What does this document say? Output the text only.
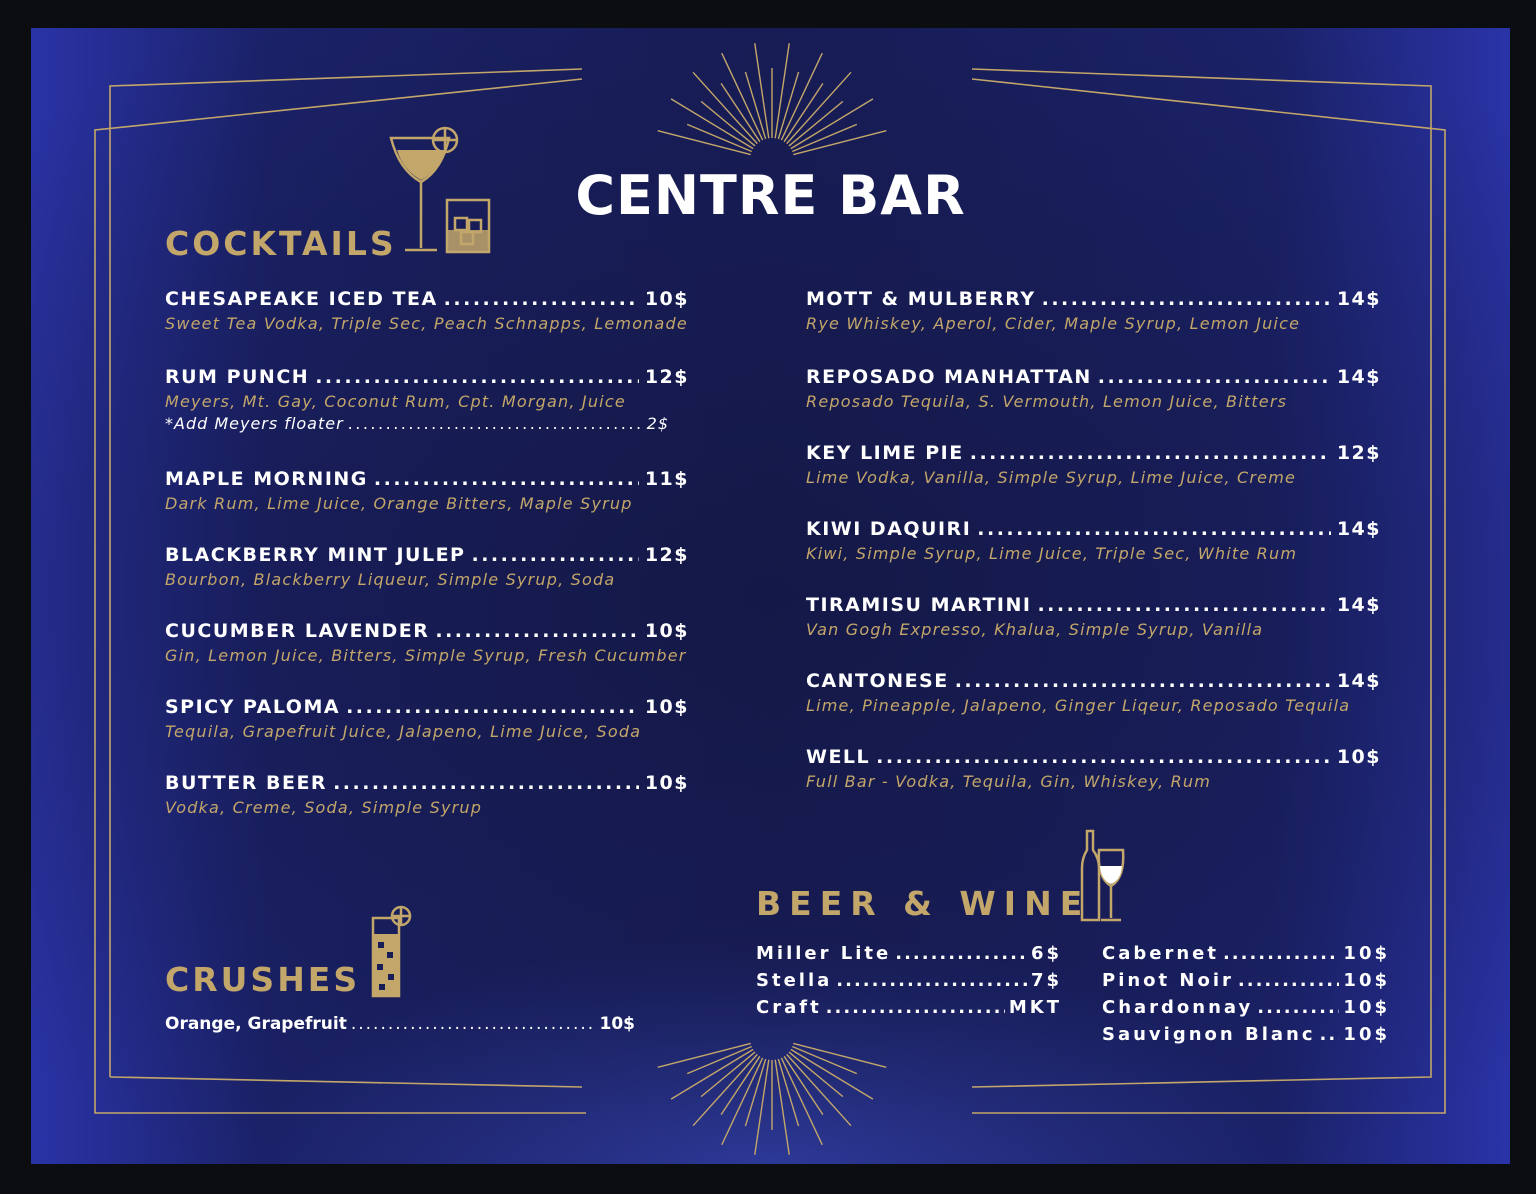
CENTRE BAR
COCKTAILS
CHESAPEAKE ICED TEA .....	10$
Sweet Tea Vodka, Triple Sec, Peach Schnapps, Lemonade
RUM PUNCH .....	12$
Meyers, Mt. Gay, Coconut Rum, Cpt. Morgan, Juice
*Add Meyers floater .....	2$
MAPLE MORNING .....	11$
Dark Rum, Lime Juice, Orange Bitters, Maple Syrup
BLACKBERRY MINT JULEP .....	12$
Bourbon, Blackberry Liqueur, Simple Syrup, Soda
CUCUMBER LAVENDER .....	10$
Gin, Lemon Juice, Bitters, Simple Syrup, Fresh Cucumber
SPICY PALOMA .....	10$
Tequila, Grapefruit Juice, Jalapeno, Lime Juice, Soda
BUTTER BEER .....	10$
Vodka, Creme, Soda, Simple Syrup
MOTT & MULBERRY .....	14$
Rye Whiskey, Aperol, Cider, Maple Syrup, Lemon Juice
REPOSADO MANHATTAN .....	14$
Reposado Tequila, S. Vermouth, Lemon Juice, Bitters
KEY LIME PIE .....	12$
Lime Vodka, Vanilla, Simple Syrup, Lime Juice, Creme
KIWI DAQUIRI .....	14$
Kiwi, Simple Syrup, Lime Juice, Triple Sec, White Rum
TIRAMISU MARTINI .....	14$
Van Gogh Expresso, Khalua, Simple Syrup, Vanilla
CANTONESE .....	14$
Lime, Pineapple, Jalapeno, Ginger Liqeur, Reposado Tequila
WELL .....	10$
Full Bar - Vodka, Tequila, Gin, Whiskey, Rum
CRUSHES
Orange, Grapefruit .....	10$
BEER & WINE
Miller Lite .....	6$
Stella .....	7$
Craft .....	MKT
Cabernet .....	10$
Pinot Noir .....	10$
Chardonnay .....	10$
Sauvignon Blanc ..... 10$
